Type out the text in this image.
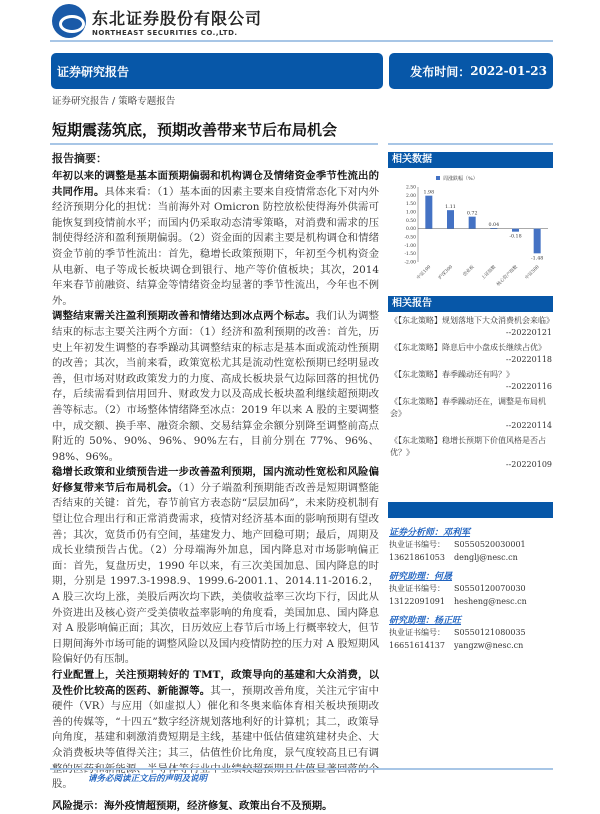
东北证券股份有限公司
NORTHEAST SECURITIES CO.,LTD.
证券研究报告	发布时间： 2022-01-23
证券研究报告 / 策略专题报告
短期震荡筑底，预期改善带来节后布局机会
报告摘要：

年初以来的调整是基本面预期偏弱和机构调仓及情绪资金季节性流出的共同作用。具体来看：（1）基本面的因素主要来自疫情常态化下对内外经济预期分化的担忧：当前海外对 Omicron 防控放松使得海外供需可能恢复到疫情前水平；而国内仍采取动态清零策略，对消费和需求的压制使得经济和盈利预期偏弱。（2）资金面的因素主要是机构调仓和情绪资金节前的季节性流出：首先，稳增长政策预期下，年初至今机构资金从电新、电子等成长板块调仓到银行、地产等价值板块；其次，2014 年来春节前融资、结算金等情绪资金均显著的季节性流出，今年也不例外。

调整结束需关注盈利预期改善和情绪达到冰点两个标志。我们认为调整结束的标志主要关注两个方面：（1）经济和盈利预期的改善：首先，历史上年初发生调整的春季躁动其调整结束的标志是基本面或流动性预期的改善；其次，当前来看，政策宽松尤其是流动性宽松预期已经明显改善，但市场对财政政策发力的力度、高成长板块景气边际回落的担忧仍存，后续需看到信用回升、财政发力以及高成长板块盈利继续超预期改善等标志。（2）市场整体情绪降至冰点：2019 年以来 A 股的主要调整中，成交额、换手率、融资余额、交易结算金余额分别降至调整前高点附近的 50%、90%、96%、90%左右，目前分别在 77%、96%、98%、96%。

稳增长政策和业绩预告进一步改善盈利预期，国内流动性宽松和风险偏好修复带来节后布局机会。（1）分子端盈利预期能否改善是短期调整能否结束的关键：首先，春节前官方表态防“层层加码”，未来防疫机制有望让位合理出行和正常消费需求，疫情对经济基本面的影响预期有望改善；其次，宽货币仍有空间，基建发力、地产回稳可期；最后，周期及成长业绩预告占优。（2）分母端海外加息，国内降息对市场影响偏正面：首先，复盘历史，1990 年以来，有三次美国加息、国内降息的时期，分别是 1997.3-1998.9、1999.6-2001.1、2014.11-2016.2，A 股三次均上涨，美股后两次均下跌，美债收益率三次均下行，因此从外资进出及核心资产受美债收益率影响的角度看，美国加息、国内降息对 A 股影响偏正面；其次，日历效应上春节后市场上行概率较大，但节日期间海外市场可能的调整风险以及国内疫情防控的压力对 A 股短期风险偏好仍有压制。

行业配置上，关注预期转好的 TMT，政策导向的基建和大众消费，以及性价比较高的医药、新能源等。其一，预期改善角度，关注元宇宙中硬件（VR）与应用（如虚拟人）催化和冬奥来临体育相关板块预期改善的传媒等，“十四五”数字经济规划落地利好的计算机；其二，政策导向角度，基建和刺激消费短期是主线，基建中低估值建筑建材央企、大众消费板块等值得关注；其三，估值性价比角度，景气度较高且已有调 股。

风险提示：海外疫情超预期，经济修复、政策出台不及预期。

相关数据
周涨跌幅（%）
2.50
2.00
1.50
1.00
0.50
0.00
-0.50
-1.00
-1.50
-2.00
1.98
中证100
1.11
沪深300
0.72
创业板
0.04
上证指数
-0.18
核心资产指数
-1.48
中证500
相关报告
《【东北策略】规划落地下大众消费机会来临》
--20220121
《【东北策略】降息后中小盘成长继续占优》
--20220118
《【东北策略】春季躁动还有吗？》
--20220116
《【东北策略】春季躁动还在，调整是布局机会》
--20220114
《【东北策略】稳增长预期下价值风格是否占优？》
--20220109
证券分析师：邓利军
执业证书编号：	S0550520030001
13621861053	denglj@nesc.cn
研究助理：何晟
执业证书编号：	S0550120070030
13122091091	hesheng@nesc.cn
研究助理：杨正旺
执业证书编号：	S0550121080035
16651614137	yangzw@nesc.cn
请务必阅读正文后的声明及说明
